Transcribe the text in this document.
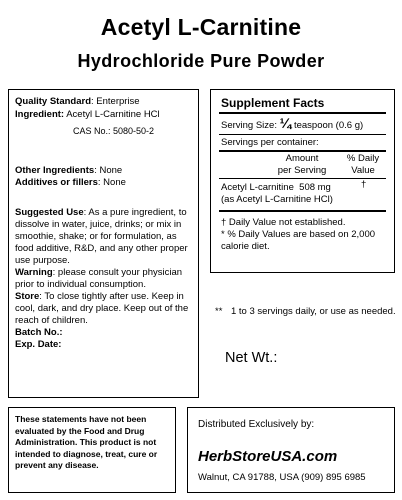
Acetyl L-Carnitine
Hydrochloride Pure Powder
Quality Standard: Enterprise
Ingredient: Acetyl L-Carnitine HCl
CAS No.: 5080-50-2
Other Ingredients: None
Additives or fillers: None

Suggested Use: As a pure ingredient, to dissolve in water, juice, drinks; or mix in smoothie, shake; or for formulation, as food additive, R&D, and any other proper use purpose.

Warning: please consult your physician prior to individual consumption.

Store: To close tightly after use. Keep in cool, dark, and dry place. Keep out of the reach of children.

Batch No.:

Exp. Date:

Supplement Facts
Serving Size: ¼ teaspoon (0.6 g)
Servings per container:
Amount
per Serving
% Daily
Value
Acetyl L-carnitine 508 mg	†
(as Acetyl L-Carnitine HCl)
† Daily Value not established.
* % Daily Values are based on 2,000 calorie diet.
** 1 to 3 servings daily, or use as needed.
Net Wt.:
These statements have not been evaluated by the Food and Drug Administration. This product is not intended to diagnose, treat, cure or prevent any disease.
Distributed Exclusively by:
HerbStoreUSA.com
Walnut, CA 91788, USA (909) 895 6985
